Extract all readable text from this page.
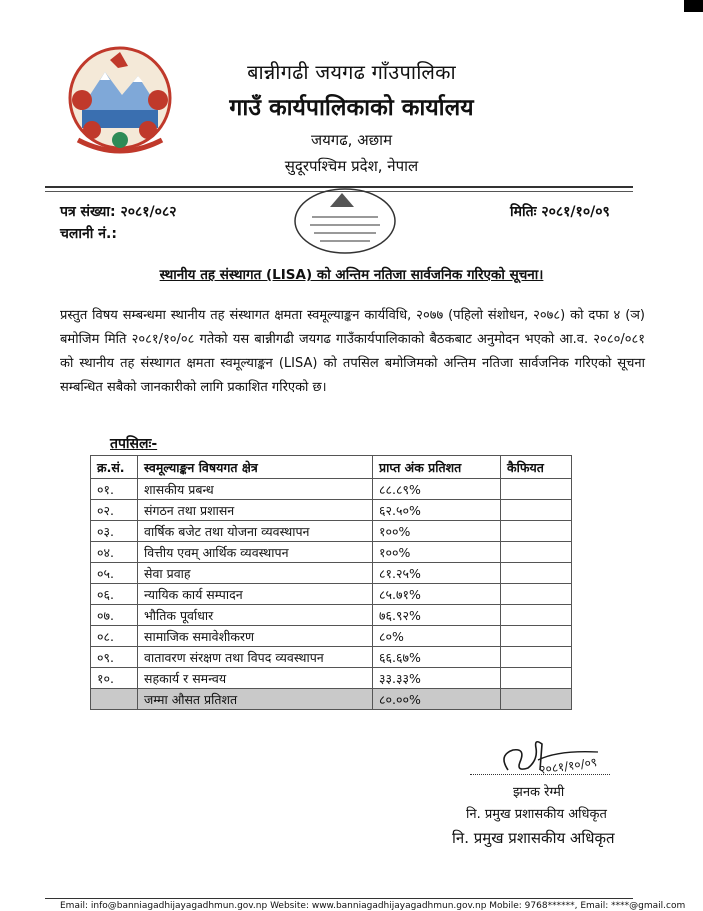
बान्नीगढी जयगढ गाँउपालिका
गाउँ कार्यपालिकाको कार्यालय
जयगढ, अछाम
सुदूरपश्चिम प्रदेश, नेपाल
पत्र संख्या: २०८१/०८२
चलानी नं.:
मितिः २०८१/१०/०९
स्थानीय तह संस्थागत (LISA) को अन्तिम नतिजा सार्वजनिक गरिएको सूचना।
प्रस्तुत विषय सम्बन्धमा स्थानीय तह संस्थागत क्षमता स्वमूल्याङ्कन कार्यविधि, २०७७ (पहिलो संशोधन, २०७८) को दफा ४ (ञ) बमोजिम मिति २०८१/१०/०८ गतेको यस बान्नीगढी जयगढ गाउँकार्यपालिकाको बैठकबाट अनुमोदन भएको आ.व. २०८०/०८१ को स्थानीय तह संस्थागत क्षमता स्वमूल्याङ्कन (LISA) को तपसिल बमोजिमको अन्तिम नतिजा सार्वजनिक गरिएको सूचना सम्बन्धित सबैको जानकारीको लागि प्रकाशित गरिएको छ।
तपसिलः-
क्र.सं.	स्वमूल्याङ्कन विषयगत क्षेत्र	प्राप्त अंक प्रतिशत	कैफियत
०१.	शासकीय प्रबन्ध	८८.८९%	
०२.	संगठन तथा प्रशासन	६२.५०%	
०३.	वार्षिक बजेट तथा योजना व्यवस्थापन	१००%	
०४.	वित्तीय एवम् आर्थिक व्यवस्थापन	१००%	
०५.	सेवा प्रवाह	८१.२५%	
०६.	न्यायिक कार्य सम्पादन	८५.७१%	
०७.	भौतिक पूर्वाधार	७६.९२%	
०८.	सामाजिक समावेशीकरण	८०%	
०९.	वातावरण संरक्षण तथा विपद व्यवस्थापन	६६.६७%	
१०.	सहकार्य र समन्वय	३३.३३%	
	जम्मा औसत प्रतिशत	८०.००%	
२०८१/१०/०९
झनक रेग्मी
नि. प्रमुख प्रशासकीय अधिकृत
नि. प्रमुख प्रशासकीय अधिकृत
Email: info@banniagadhijayagadhmun.gov.np Website: www.banniagadhijayagadhmun.gov.np Mobile: 9768******, Email: ****@gmail.com
